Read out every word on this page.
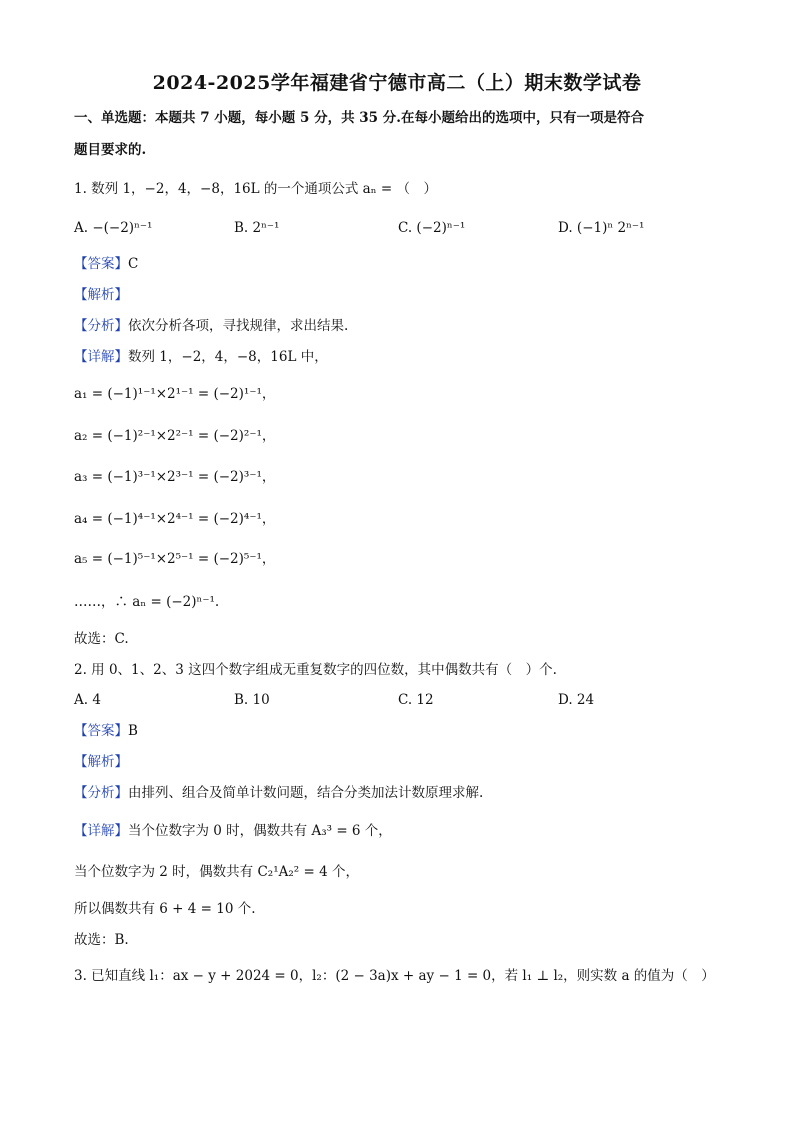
2024-2025学年福建省宁德市高二（上）期末数学试卷
一、单选题：本题共 7 小题，每小题 5 分，共 35 分.在每小题给出的选项中，只有一项是符合
题目要求的.
1. 数列 1，−2，4，−8，16L 的一个通项公式 aₙ = （　）
A. −(−2)ⁿ⁻¹	B. 2ⁿ⁻¹	C. (−2)ⁿ⁻¹	D. (−1)ⁿ 2ⁿ⁻¹
【答案】C
【解析】
【分析】依次分析各项，寻找规律，求出结果.
【详解】数列 1，−2，4，−8，16L 中，
a₁ = (−1)¹⁻¹×2¹⁻¹ = (−2)¹⁻¹，
a₂ = (−1)²⁻¹×2²⁻¹ = (−2)²⁻¹，
a₃ = (−1)³⁻¹×2³⁻¹ = (−2)³⁻¹，
a₄ = (−1)⁴⁻¹×2⁴⁻¹ = (−2)⁴⁻¹，
a₅ = (−1)⁵⁻¹×2⁵⁻¹ = (−2)⁵⁻¹，
……，∴ aₙ = (−2)ⁿ⁻¹.
故选：C.
2. 用 0、1、2、3 这四个数字组成无重复数字的四位数，其中偶数共有（　）个.
A. 4	B. 10	C. 12	D. 24
【答案】B
【解析】
【分析】由排列、组合及简单计数问题，结合分类加法计数原理求解.
【详解】当个位数字为 0 时，偶数共有 A₃³ = 6 个，
当个位数字为 2 时，偶数共有 C₂¹A₂² = 4 个，
所以偶数共有 6 + 4 = 10 个.
故选：B.
3. 已知直线 l₁：ax − y + 2024 = 0，l₂：(2 − 3a)x + ay − 1 = 0，若 l₁ ⊥ l₂，则实数 a 的值为（　）
